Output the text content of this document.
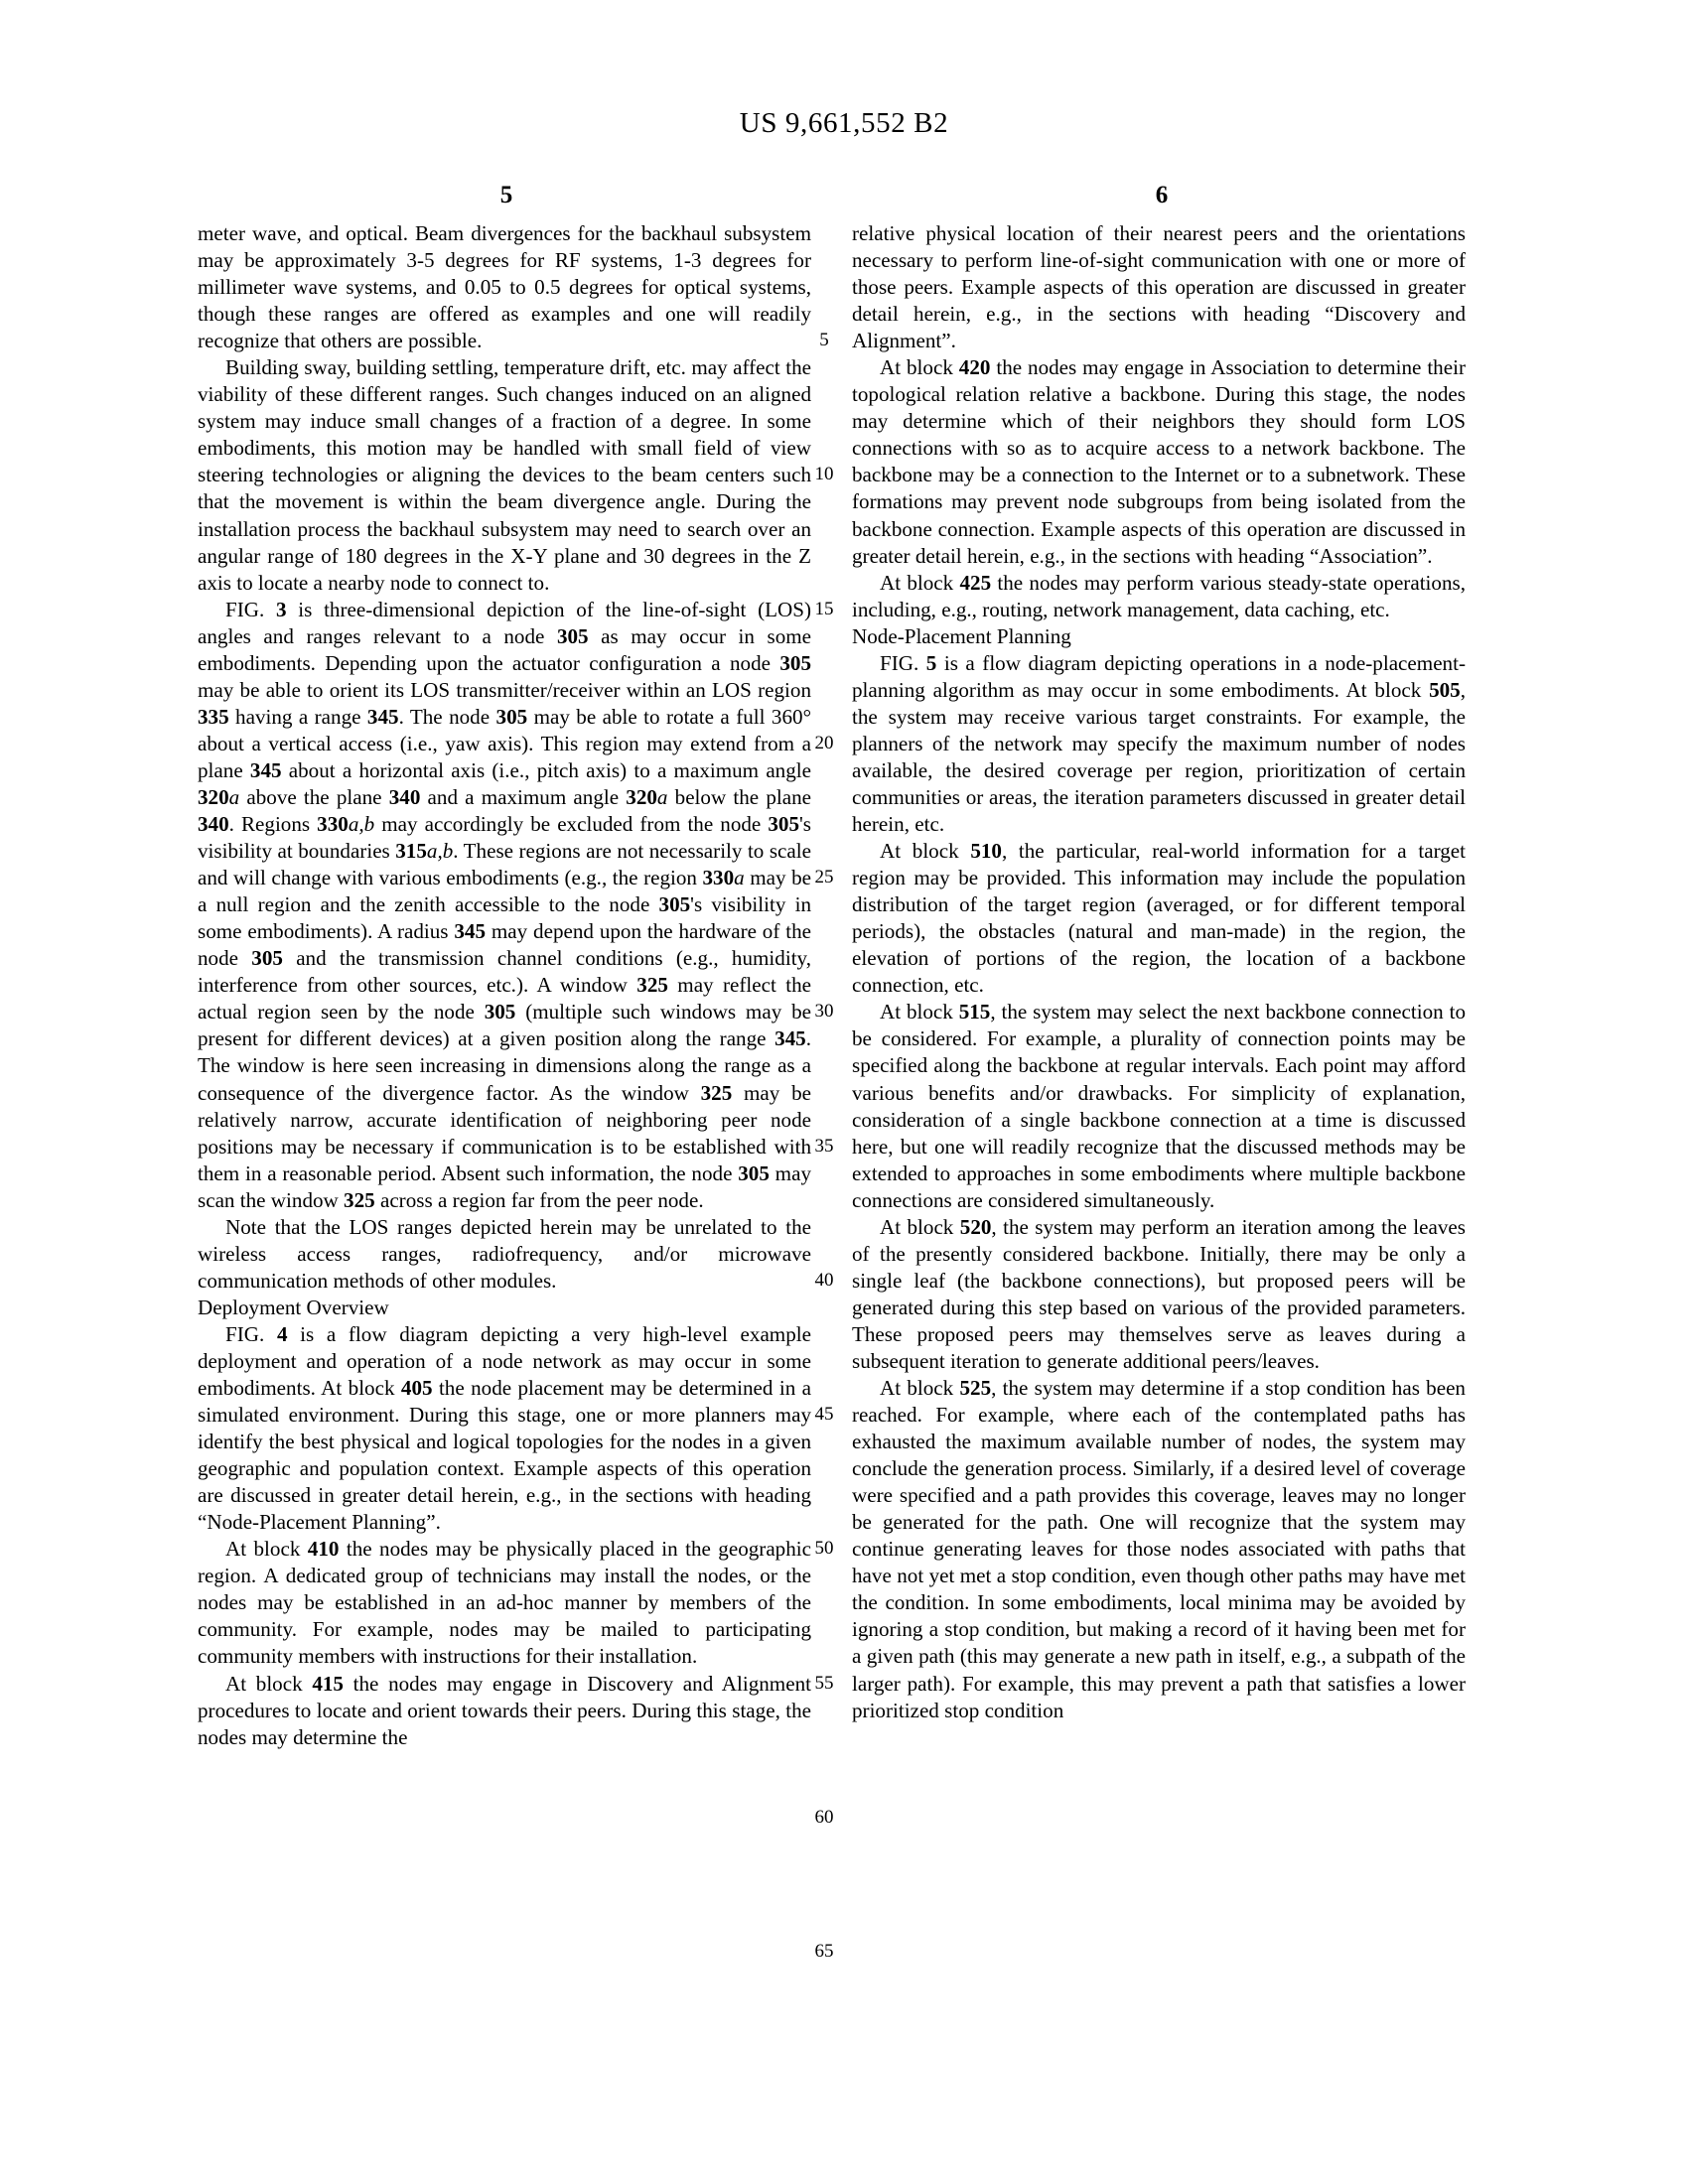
US 9,661,552 B2
5	6
5
10
15
20
25
30
35
40
45
50
55
60
65

meter wave, and optical. Beam divergences for the backhaul subsystem may be approximately 3-5 degrees for RF systems, 1-3 degrees for millimeter wave systems, and 0.05 to 0.5 degrees for optical systems, though these ranges are offered as examples and one will readily recognize that others are possible.

Building sway, building settling, temperature drift, etc. may affect the viability of these different ranges. Such changes induced on an aligned system may induce small changes of a fraction of a degree. In some embodiments, this motion may be handled with small field of view steering technologies or aligning the devices to the beam centers such that the movement is within the beam divergence angle. During the installation process the backhaul subsystem may need to search over an angular range of 180 degrees in the X-Y plane and 30 degrees in the Z axis to locate a nearby node to connect to.

FIG. 3 is three-dimensional depiction of the line-of-sight (LOS) angles and ranges relevant to a node 305 as may occur in some embodiments. Depending upon the actuator configuration a node 305 may be able to orient its LOS transmitter/receiver within an LOS region 335 having a range 345. The node 305 may be able to rotate a full 360° about a vertical access (i.e., yaw axis). This region may extend from a plane 345 about a horizontal axis (i.e., pitch axis) to a maximum angle 320a above the plane 340 and a maximum angle 320a below the plane 340. Regions 330a,b may accordingly be excluded from the node 305's visibility at boundaries 315a,b. These regions are not necessarily to scale and will change with various embodiments (e.g., the region 330a may be a null region and the zenith accessible to the node 305's visibility in some embodiments). A radius 345 may depend upon the hardware of the node 305 and the transmission channel conditions (e.g., humidity, interference from other sources, etc.). A window 325 may reflect the actual region seen by the node 305 (multiple such windows may be present for different devices) at a given position along the range 345. The window is here seen increasing in dimensions along the range as a consequence of the divergence factor. As the window 325 may be relatively narrow, accurate identification of neighboring peer node positions may be necessary if communication is to be established with them in a reasonable period. Absent such information, the node 305 may scan the window 325 across a region far from the peer node.

Note that the LOS ranges depicted herein may be unrelated to the wireless access ranges, radiofrequency, and/or microwave communication methods of other modules.

Deployment Overview

FIG. 4 is a flow diagram depicting a very high-level example deployment and operation of a node network as may occur in some embodiments. At block 405 the node placement may be determined in a simulated environment. During this stage, one or more planners may identify the best physical and logical topologies for the nodes in a given geographic and population context. Example aspects of this operation are discussed in greater detail herein, e.g., in the sections with heading “Node-Placement Planning”.

At block 410 the nodes may be physically placed in the geographic region. A dedicated group of technicians may install the nodes, or the nodes may be established in an ad-hoc manner by members of the community. For example, nodes may be mailed to participating community members with instructions for their installation.

At block 415 the nodes may engage in Discovery and Alignment procedures to locate and orient towards their peers. During this stage, the nodes may determine the

relative physical location of their nearest peers and the orientations necessary to perform line-of-sight communication with one or more of those peers. Example aspects of this operation are discussed in greater detail herein, e.g., in the sections with heading “Discovery and Alignment”.

At block 420 the nodes may engage in Association to determine their topological relation relative a backbone. During this stage, the nodes may determine which of their neighbors they should form LOS connections with so as to acquire access to a network backbone. The backbone may be a connection to the Internet or to a subnetwork. These formations may prevent node subgroups from being isolated from the backbone connection. Example aspects of this operation are discussed in greater detail herein, e.g., in the sections with heading “Association”.

At block 425 the nodes may perform various steady-state operations, including, e.g., routing, network management, data caching, etc.

Node-Placement Planning

FIG. 5 is a flow diagram depicting operations in a node-placement-planning algorithm as may occur in some embodiments. At block 505, the system may receive various target constraints. For example, the planners of the network may specify the maximum number of nodes available, the desired coverage per region, prioritization of certain communities or areas, the iteration parameters discussed in greater detail herein, etc.

At block 510, the particular, real-world information for a target region may be provided. This information may include the population distribution of the target region (averaged, or for different temporal periods), the obstacles (natural and man-made) in the region, the elevation of portions of the region, the location of a backbone connection, etc.

At block 515, the system may select the next backbone connection to be considered. For example, a plurality of connection points may be specified along the backbone at regular intervals. Each point may afford various benefits and/or drawbacks. For simplicity of explanation, consideration of a single backbone connection at a time is discussed here, but one will readily recognize that the discussed methods may be extended to approaches in some embodiments where multiple backbone connections are considered simultaneously.

At block 520, the system may perform an iteration among the leaves of the presently considered backbone. Initially, there may be only a single leaf (the backbone connections), but proposed peers will be generated during this step based on various of the provided parameters. These proposed peers may themselves serve as leaves during a subsequent iteration to generate additional peers/leaves.

At block 525, the system may determine if a stop condition has been reached. For example, where each of the contemplated paths has exhausted the maximum available number of nodes, the system may conclude the generation process. Similarly, if a desired level of coverage were specified and a path provides this coverage, leaves may no longer be generated for the path. One will recognize that the system may continue generating leaves for those nodes associated with paths that have not yet met a stop condition, even though other paths may have met the condition. In some embodiments, local minima may be avoided by ignoring a stop condition, but making a record of it having been met for a given path (this may generate a new path in itself, e.g., a subpath of the larger path). For example, this may prevent a path that satisfies a lower prioritized stop condition
